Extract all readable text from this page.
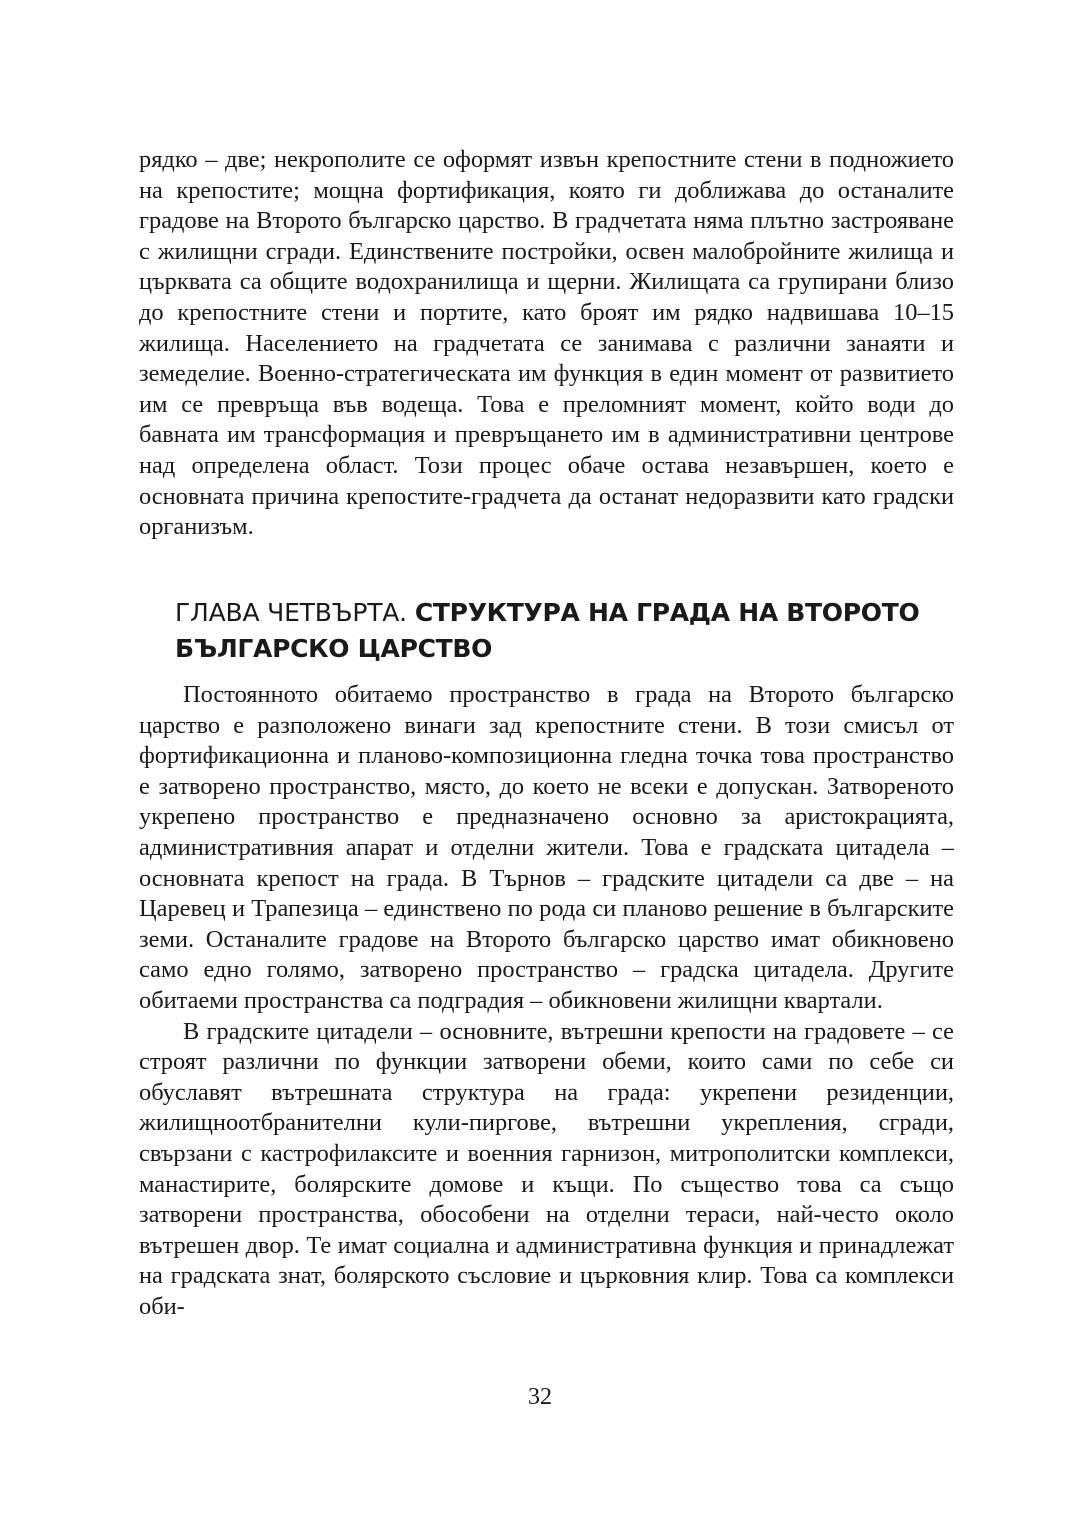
рядко – две; некрополите се оформят извън крепостните стени в подножието на крепостите; мощна фортификация, която ги доближава до останалите градове на Второто българско царство. В градчетата няма плътно застрояване с жилищни сгради. Единствените постройки, освен малобройните жилища и църквата са общите водохранилища и щерни. Жилищата са групирани близо до крепостните стени и портите, като броят им рядко надвишава 10–15 жилища. Населението на градчетата се занимава с различни занаяти и земеделие. Военно-стратегическата им функция в един момент от развитието им се превръща във водеща. Това е преломният момент, който води до бавната им трансформация и превръщането им в административни центрове над определена област. Този процес обаче остава незавършен, което е основната причина крепостите-градчета да останат недоразвити като градски организъм.

ГЛАВА ЧЕТВЪРТА. СТРУКТУРА НА ГРАДА НА ВТОРОТО БЪЛГАРСКО ЦАРСТВО

Постоянното обитаемо пространство в града на Второто българско царство е разположено винаги зад крепостните стени. В този смисъл от фортификационна и планово-композиционна гледна точка това пространство е затворено пространство, място, до което не всеки е допускан. Затвореното укрепено пространство е предназначено основно за аристокрацията, административния апарат и отделни жители. Това е градската цитадела – основната крепост на града. В Търнов – градските цитадели са две – на Царевец и Трапезица – единствено по рода си планово решение в българските земи. Останалите градове на Второто българско царство имат обикновено само едно голямо, затворено пространство – градска цитадела. Другите обитаеми пространства са подградия – обикновени жилищни квартали.

В градските цитадели – основните, вътрешни крепости на градовете – се строят различни по функции затворени обеми, които сами по себе си обуславят вътрешната структура на града: укрепени резиденции, жилищноотбранителни кули-пиргове, вътрешни укрепления, сгради, свързани с кастрофилаксите и военния гарнизон, митрополитски комплекси, манастирите, болярските домове и къщи. По същество това са също затворени пространства, обособени на отделни тераси, най-често около вътрешен двор. Те имат социална и административна функция и принадлежат на градската знат, болярското съсловие и църковния клир. Това са комплекси оби-

32
